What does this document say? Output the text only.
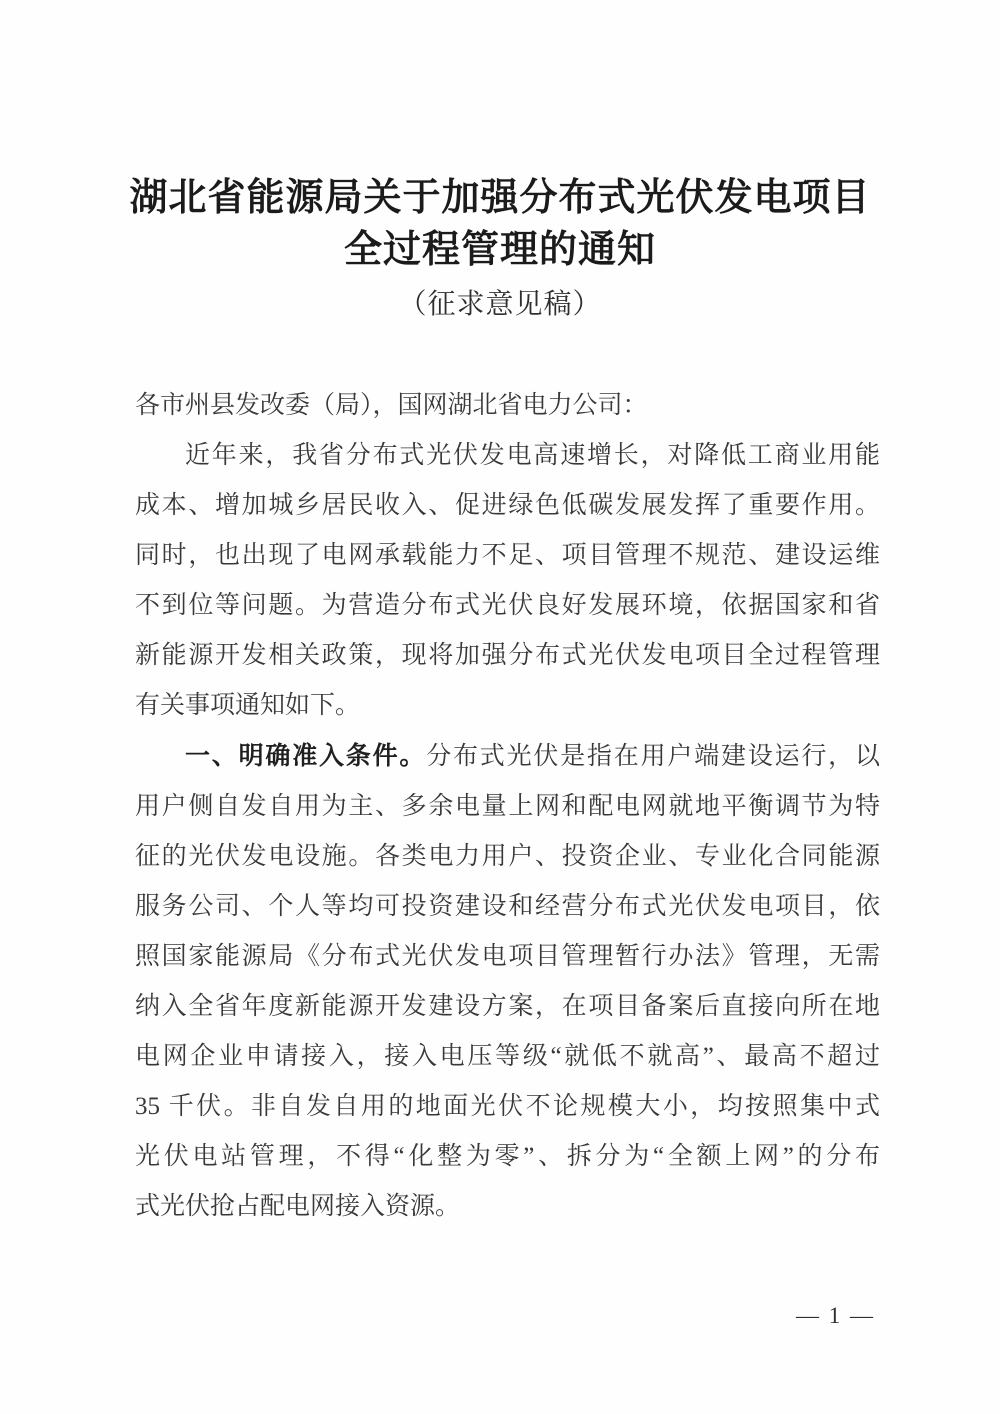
湖北省能源局关于加强分布式光伏发电项目
全过程管理的通知
（征求意见稿）
各市州县发改委（局），国网湖北省电力公司：
近年来，我省分布式光伏发电高速增长，对降低工商业用能
成本、增加城乡居民收入、促进绿色低碳发展发挥了重要作用。
同时，也出现了电网承载能力不足、项目管理不规范、建设运维
不到位等问题。为营造分布式光伏良好发展环境，依据国家和省
新能源开发相关政策，现将加强分布式光伏发电项目全过程管理
有关事项通知如下。
一、明确准入条件。分布式光伏是指在用户端建设运行，以
用户侧自发自用为主、多余电量上网和配电网就地平衡调节为特
征的光伏发电设施。各类电力用户、投资企业、专业化合同能源
服务公司、个人等均可投资建设和经营分布式光伏发电项目，依
照国家能源局《分布式光伏发电项目管理暂行办法》管理，无需
纳入全省年度新能源开发建设方案，在项目备案后直接向所在地
电网企业申请接入，接入电压等级“就低不就高”、最高不超过
35 千伏。非自发自用的地面光伏不论规模大小，均按照集中式
光伏电站管理，不得“化整为零”、拆分为“全额上网”的分布
式光伏抢占配电网接入资源。
— 1 —
